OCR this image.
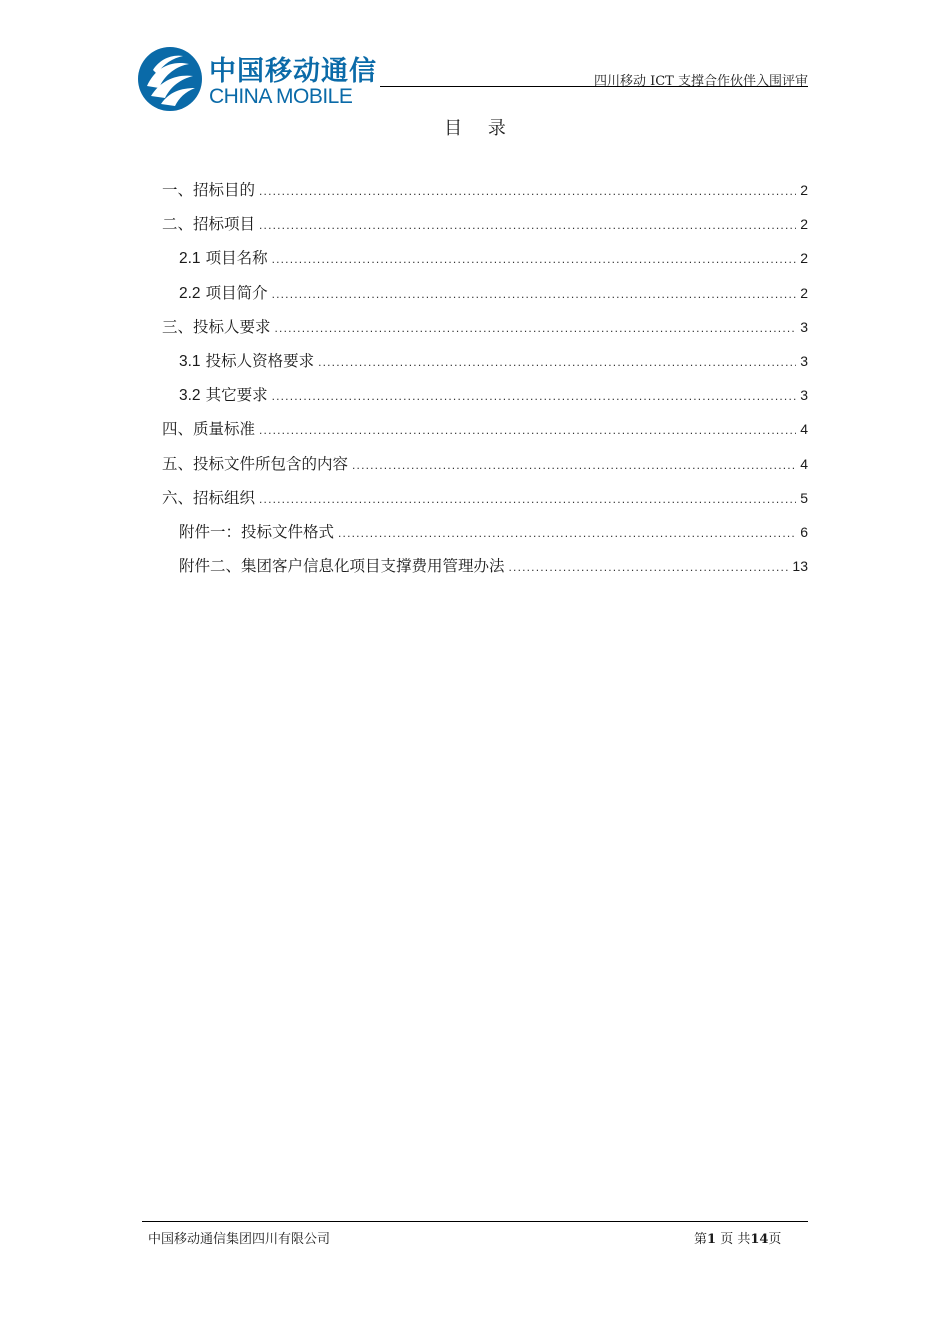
中国移动通信
CHINA MOBILE
四川移动 ICT 支撑合作伙伴入围评审
目 录
一、招标目的 .....	2
二、招标项目 .....	2
2.1 项目名称 .....	2
2.2 项目简介 .....	2
三、投标人要求 .....	3
3.1 投标人资格要求 .....	3
3.2 其它要求 .....	3
四、质量标准 .....	4
五、投标文件所包含的内容 .....	4
六、招标组织 .....	5
附件一：投标文件格式 .....	6
附件二、集团客户信息化项目支撑费用管理办法 .....	13
中国移动通信集团四川有限公司	第1 页 共14页
